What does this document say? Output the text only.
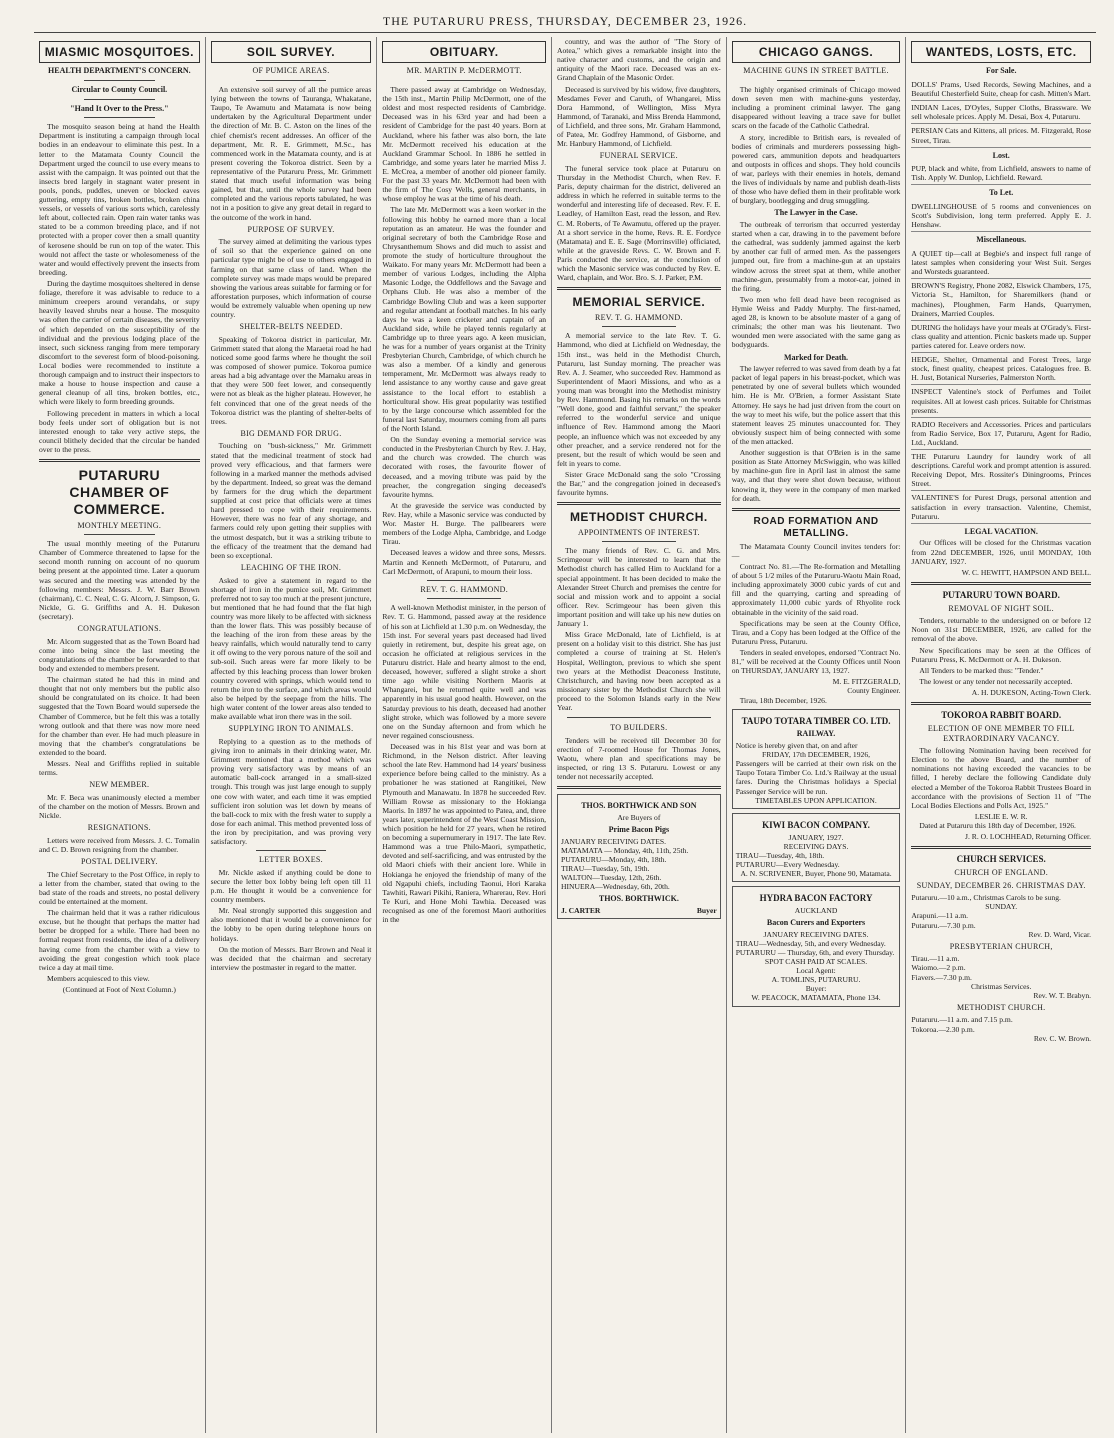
THE PUTARURU PRESS, THURSDAY, DECEMBER 23, 1926.
MIASMIC MOSQUITOES.
HEALTH DEPARTMENT'S CONCERN.
Circular to County Council.
"Hand It Over to the Press."

The mosquito season being at hand the Health Department is instituting a campaign through local bodies in an endeavour to eliminate this pest. In a letter to the Matamata County Council the Department urged the council to use every means to assist with the campaign. It was pointed out that the insects bred largely in stagnant water present in pools, ponds, puddles, uneven or blocked eaves guttering, empty tins, broken bottles, broken china vessels, or vessels of various sorts which, carelessly left about, collected rain. Open rain water tanks was stated to be a common breeding place, and if not protected with a proper cover then a small quantity of kerosene should be run on top of the water. This would not affect the taste or wholesomeness of the water and would effectively prevent the insects from breeding.

During the daytime mosquitoes sheltered in dense foliage, therefore it was advisable to reduce to a minimum creepers around verandahs, or supy heavily leaved shrubs near a house. The mosquito was often the carrier of certain diseases, the severity of which depended on the susceptibility of the individual and the previous lodging place of the insect, such sickness ranging from mere temporary discomfort to the severest form of blood-poisoning. Local bodies were recommended to institute a thorough campaign and to instruct their inspectors to make a house to house inspection and cause a general cleanup of all tins, broken bottles, etc., which were likely to form breeding grounds.

Following precedent in matters in which a local body feels under sort of obligation but is not interested enough to take very active steps, the council blithely decided that the circular be handed over to the press.

PUTARURU CHAMBER OF COMMERCE.
MONTHLY MEETING.

The usual monthly meeting of the Putaruru Chamber of Commerce threatened to lapse for the second month running on account of no quorum being present at the appointed time. Later a quorum was secured and the meeting was attended by the following members: Messrs. J. W. Barr Brown (chairman), C. C. Neal, C. G. Alcorn, J. Simpson, G. Nickle, G. G. Griffiths and A. H. Dukeson (secretary).

CONGRATULATIONS.

Mr. Alcorn suggested that as the Town Board had come into being since the last meeting the congratulations of the chamber be forwarded to that body and extended to members present.

The chairman stated he had this in mind and thought that not only members but the public also should be congratulated on its choice. It had been suggested that the Town Board would supersede the Chamber of Commerce, but he felt this was a totally wrong outlook and that there was now more need for the chamber than ever. He had much pleasure in moving that the chamber's congratulations be extended to the board.

Messrs. Neal and Griffiths replied in suitable terms.

NEW MEMBER.

Mr. F. Beca was unanimously elected a member of the chamber on the motion of Messrs. Brown and Nickle.

RESIGNATIONS.

Letters were received from Messrs. J. C. Tomalin and C. D. Brown resigning from the chamber.

POSTAL DELIVERY.

The Chief Secretary to the Post Office, in reply to a letter from the chamber, stated that owing to the bad state of the roads and streets, no postal delivery could be entertained at the moment.

The chairman held that it was a rather ridiculous excuse, but he thought that perhaps the matter had better be dropped for a while. There had been no formal request from residents, the idea of a delivery having come from the chamber with a view to avoiding the great congestion which took place twice a day at mail time.

Members acquiesced to this view.

(Continued at Foot of Next Column.)

SOIL SURVEY.
OF PUMICE AREAS.

An extensive soil survey of all the pumice areas lying between the towns of Tauranga, Whakatane, Taupo, Te Awamutu and Matamata is now being undertaken by the Agricultural Department under the direction of Mr. B. C. Aston on the lines of the chief chemist's recent addresses. An officer of the department, Mr. R. E. Grimmett, M.Sc., has commenced work in the Matamata county, and is at present covering the Tokoroa district. Seen by a representative of the Putaruru Press, Mr. Grimmett stated that much useful information was being gained, but that, until the whole survey had been completed and the various reports tabulated, he was not in a position to give any great detail in regard to the outcome of the work in hand.

PURPOSE OF SURVEY.

The survey aimed at delimiting the various types of soil so that the experience gained on one particular type might be of use to others engaged in farming on that same class of land. When the complete survey was made maps would be prepared showing the various areas suitable for farming or for afforestation purposes, which information of course would be extremely valuable when opening up new country.

SHELTER-BELTS NEEDED.

Speaking of Tokoroa district in particular, Mr. Grimmett stated that along the Maraetai road he had noticed some good farms where he thought the soil was composed of shower pumice. Tokoroa pumice areas had a big advantage over the Mamaku areas in that they were 500 feet lower, and consequently were not as bleak as the higher plateau. However, he felt convinced that one of the great needs of the Tokoroa district was the planting of shelter-belts of trees.

BIG DEMAND FOR DRUG.

Touching on "bush-sickness," Mr. Grimmett stated that the medicinal treatment of stock had proved very efficacious, and that farmers were following in a marked manner the methods advised by the department. Indeed, so great was the demand by farmers for the drug which the department supplied at cost price that officials were at times hard pressed to cope with their requirements. However, there was no fear of any shortage, and farmers could rely upon getting their supplies with the utmost despatch, but it was a striking tribute to the efficacy of the treatment that the demand had been so exceptional.

LEACHING OF THE IRON.

Asked to give a statement in regard to the shortage of iron in the pumice soil, Mr. Grimmett preferred not to say too much at the present juncture, but mentioned that he had found that the flat high country was more likely to be affected with sickness than the lower flats. This was possibly because of the leaching of the iron from these areas by the heavy rainfalls, which would naturally tend to carry it off owing to the very porous nature of the soil and sub-soil. Such areas were far more likely to be affected by this leaching process than lower broken country covered with springs, which would tend to return the iron to the surface, and which areas would also be helped by the seepage from the hills. The high water content of the lower areas also tended to make available what iron there was in the soil.

SUPPLYING IRON TO ANIMALS.

Replying to a question as to the methods of giving iron to animals in their drinking water, Mr. Grimmett mentioned that a method which was proving very satisfactory was by means of an automatic ball-cock arranged in a small-sized trough. This trough was just large enough to supply one cow with water, and each time it was emptied sufficient iron solution was let down by means of the ball-cock to mix with the fresh water to supply a dose for each animal. This method prevented loss of the iron by precipitation, and was proving very satisfactory.

LETTER BOXES.

Mr. Nickle asked if anything could be done to secure the letter box lobby being left open till 11 p.m. He thought it would be a convenience for country members.

Mr. Neal strongly supported this suggestion and also mentioned that it would be a convenience for the lobby to be open during telephone hours on holidays.

On the motion of Messrs. Barr Brown and Neal it was decided that the chairman and secretary interview the postmaster in regard to the matter.

OBITUARY.
MR. MARTIN P. McDERMOTT.

There passed away at Cambridge on Wednesday, the 15th inst., Martin Philip McDermott, one of the oldest and most respected residents of Cambridge. Deceased was in his 63rd year and had been a resident of Cambridge for the past 40 years. Born at Auckland, where his father was also born, the late Mr. McDermott received his education at the Auckland Grammar School. In 1886 he settled in Cambridge, and some years later he married Miss J. E. McCrea, a member of another old pioneer family. For the past 33 years Mr. McDermott had been with the firm of The Cosy Wells, general merchants, in whose employ he was at the time of his death.

The late Mr. McDermott was a keen worker in the following this hobby he earned more than a local reputation as an amateur. He was the founder and original secretary of both the Cambridge Rose and Chrysanthemum Shows and did much to assist and promote the study of horticulture throughout the Waikato. For many years Mr. McDermott had been a member of various Lodges, including the Alpha Masonic Lodge, the Oddfellows and the Savage and Orphans Club. He was also a member of the Cambridge Bowling Club and was a keen supporter and regular attendant at football matches. In his early days he was a keen cricketer and captain of an Auckland side, while he played tennis regularly at Cambridge up to three years ago. A keen musician, he was for a number of years organist at the Trinity Presbyterian Church, Cambridge, of which church he was also a member. Of a kindly and generous temperament, Mr. McDermott was always ready to lend assistance to any worthy cause and gave great assistance to the local effort to establish a horticultural show. His great popularity was testified to by the large concourse which assembled for the funeral last Saturday, mourners coming from all parts of the North Island.

On the Sunday evening a memorial service was conducted in the Presbyterian Church by Rev. J. Hay, and the church was crowded. The church was decorated with roses, the favourite flower of deceased, and a moving tribute was paid by the preacher, the congregation singing deceased's favourite hymns.

At the graveside the service was conducted by Rev. Hay, while a Masonic service was conducted by Wor. Master H. Burge. The pallbearers were members of the Lodge Alpha, Cambridge, and Lodge Tirau.

Deceased leaves a widow and three sons, Messrs. Martin and Kenneth McDermott, of Putaruru, and Carl McDermott, of Arapuni, to mourn their loss.

REV. T. G. HAMMOND.

A well-known Methodist minister, in the person of Rev. T. G. Hammond, passed away at the residence of his son at Lichfield at 1.30 p.m. on Wednesday, the 15th inst. For several years past deceased had lived quietly in retirement, but, despite his great age, on occasion he officiated at religious services in the Putaruru district. Hale and hearty almost to the end, deceased, however, suffered a slight stroke a short time ago while visiting Northern Maoris at Whangarei, but he returned quite well and was apparently in his usual good health. However, on the Saturday previous to his death, deceased had another slight stroke, which was followed by a more severe one on the Sunday afternoon and from which he never regained consciousness.

Deceased was in his 81st year and was born at Richmond, in the Nelson district. After leaving school the late Rev. Hammond had 14 years' business experience before being called to the ministry. As a probationer he was stationed at Rangitikei, New Plymouth and Manawatu. In 1878 he succeeded Rev. William Rowse as missionary to the Hokianga Maoris. In 1897 he was appointed to Patea, and, three years later, superintendent of the West Coast Mission, which position he held for 27 years, when he retired on becoming a supernumerary in 1917. The late Rev. Hammond was a true Philo-Maori, sympathetic, devoted and self-sacrificing, and was entrusted by the old Maori chiefs with their ancient lore. While in Hokianga he enjoyed the friendship of many of the old Ngapuhi chiefs, including Taonui, Hori Karaka Tawhiti, Rawari Pikihi, Raniera, Wharerau, Rev. Hori Te Kuri, and Hone Mohi Tawhia. Deceased was recognised as one of the foremost Maori authorities in the

country, and was the author of "The Story of Aotea," which gives a remarkable insight into the native character and customs, and the origin and antiquity of the Maori race. Deceased was an ex-Grand Chaplain of the Masonic Order.

Deceased is survived by his widow, five daughters, Mesdames Fever and Caruth, of Whangarei, Miss Dora Hammond, of Wellington, Miss Myra Hammond, of Taranaki, and Miss Brenda Hammond, of Lichfield, and three sons, Mr. Graham Hammond, of Patea, Mr. Godfrey Hammond, of Gisborne, and Mr. Hanbury Hammond, of Lichfield.

FUNERAL SERVICE.

The funeral service took place at Putaruru on Thursday in the Methodist Church, when Rev. F. Paris, deputy chairman for the district, delivered an address in which he referred in suitable terms to the wonderful and interesting life of deceased. Rev. F. E. Leadley, of Hamilton East, read the lesson, and Rev. C. M. Roberts, of Te Awamutu, offered up the prayer. At a short service in the home, Revs. R. E. Fordyce (Matamata) and E. E. Sage (Morrinsville) officiated, while at the graveside Revs. C. W. Brown and F. Paris conducted the service, at the conclusion of which the Masonic service was conducted by Rev. E. Ward, chaplain, and Wor. Bro. S. J. Parker, P.M.

MEMORIAL SERVICE.
REV. T. G. HAMMOND.

A memorial service to the late Rev. T. G. Hammond, who died at Lichfield on Wednesday, the 15th inst., was held in the Methodist Church, Putaruru, last Sunday morning. The preacher was Rev. A. J. Seamer, who succeeded Rev. Hammond as Superintendent of Maori Missions, and who as a young man was brought into the Methodist ministry by Rev. Hammond. Basing his remarks on the words "Well done, good and faithful servant," the speaker referred to the wonderful service and unique influence of Rev. Hammond among the Maori people, an influence which was not exceeded by any other preacher, and a service rendered not for the present, but the result of which would be seen and felt in years to come.

Sister Grace McDonald sang the solo "Crossing the Bar," and the congregation joined in deceased's favourite hymns.

METHODIST CHURCH.
APPOINTMENTS OF INTEREST.

The many friends of Rev. C. G. and Mrs. Scrimgeour will be interested to learn that the Methodist church has called Him to Auckland for a special appointment. It has been decided to make the Alexander Street Church and premises the centre for social and mission work and to appoint a social officer. Rev. Scrimgeour has been given this important position and will take up his new duties on January 1.

Miss Grace McDonald, late of Lichfield, is at present on a holiday visit to this district. She has just completed a course of training at St. Helen's Hospital, Wellington, previous to which she spent two years at the Methodist Deaconess Institute, Christchurch, and having now been accepted as a missionary sister by the Methodist Church she will proceed to the Solomon Islands early in the New Year.

TO BUILDERS.

Tenders will be received till December 30 for erection of 7-roomed House for Thomas Jones, Waotu, where plan and specifications may be inspected, or ring 13 S. Putaruru. Lowest or any tender not necessarily accepted.

THOS. BORTHWICK AND SON
Are Buyers of
Prime Bacon Pigs
JANUARY RECEIVING DATES.
MATAMATA — Monday, 4th, 11th, 25th.
PUTARURU—Monday, 4th, 18th.
TIRAU—Tuesday, 5th, 19th.
WALTON—Tuesday, 12th, 26th.
HINUERA—Wednesday, 6th, 20th.
THOS. BORTHWICK.
J. CARTER	Buyer
CHICAGO GANGS.
MACHINE GUNS IN STREET BATTLE.

The highly organised criminals of Chicago mowed down seven men with machine-guns yesterday, including a prominent criminal lawyer. The gang disappeared without leaving a trace save for bullet scars on the facade of the Catholic Cathedral.

A story, incredible to British ears, is revealed of bodies of criminals and murderers possessing high-powered cars, ammunition depots and headquarters and outposts in offices and shops. They hold councils of war, parleys with their enemies in hotels, demand the lives of individuals by name and publish death-lists of those who have defied them in their profitable work of burglary, bootlegging and drug smuggling.

The Lawyer in the Case.

The outbreak of terrorism that occurred yesterday started when a car, drawing in to the pavement before the cathedral, was suddenly jammed against the kerb by another car full of armed men. As the passengers jumped out, fire from a machine-gun at an upstairs window across the street spat at them, while another machine-gun, presumably from a motor-car, joined in the firing.

Two men who fell dead have been recognised as Hymie Weiss and Paddy Murphy. The first-named, aged 28, is known to be absolute master of a gang of criminals; the other man was his lieutenant. Two wounded men were associated with the same gang as bodyguards.

Marked for Death.

The lawyer referred to was saved from death by a fat packet of legal papers in his breast-pocket, which was penetrated by one of several bullets which wounded him. He is Mr. O'Brien, a former Assistant State Attorney. He says he had just driven from the court on the way to meet his wife, but the police assert that this statement leaves 25 minutes unaccounted for. They obviously suspect him of being connected with some of the men attacked.

Another suggestion is that O'Brien is in the same position as State Attorney McSwiggin, who was killed by machine-gun fire in April last in almost the same way, and that they were shot down because, without knowing it, they were in the company of men marked for death.

ROAD FORMATION AND METALLING.

The Matamata County Council invites tenders for:—

Contract No. 81.—The Re-formation and Metalling of about 5 1/2 miles of the Putaruru-Waotu Main Road, including approximately 3000 cubic yards of cut and fill and the quarrying, carting and spreading of approximately 11,000 cubic yards of Rhyolite rock obtainable in the vicinity of the said road.

Specifications may be seen at the County Office, Tirau, and a Copy has been lodged at the Office of the Putaruru Press, Putaruru.

Tenders in sealed envelopes, endorsed "Contract No. 81," will be received at the County Offices until Noon on THURSDAY, JANUARY 13, 1927.

M. E. FITZGERALD,
County Engineer.

Tirau, 18th December, 1926.

TAUPO TOTARA TIMBER CO. LTD.
RAILWAY.
Notice is hereby given that, on and after
FRIDAY, 17th DECEMBER, 1926,
Passengers will be carried at their own risk on the Taupo Totara Timber Co. Ltd.'s Railway at the usual fares. During the Christmas holidays a Special Passenger Service will be run.
TIMETABLES UPON APPLICATION.
KIWI BACON COMPANY.
JANUARY, 1927.
RECEIVING DAYS.
TIRAU—Tuesday, 4th, 18th.
PUTARURU—Every Wednesday.
A. N. SCRIVENER, Buyer, Phone 90, Matamata.
HYDRA BACON FACTORY
AUCKLAND
Bacon Curers and Exporters
JANUARY RECEIVING DATES.
TIRAU—Wednesday, 5th, and every Wednesday.
PUTARURU — Thursday, 6th, and every Thursday.
SPOT CASH PAID AT SCALES.
Local Agent:
A. TOMLINS, PUTARURU.
Buyer:
W. PEACOCK, MATAMATA, Phone 134.
WANTEDS, LOSTS, ETC.
For Sale.

DOLLS' Prams, Used Records, Sewing Machines, and a Beautiful Chesterfield Suite, cheap for cash. Mitten's Mart.

INDIAN Laces, D'Oyles, Supper Cloths, Brassware. We sell wholesale prices. Apply M. Desai, Box 4, Putaruru.

PERSIAN Cats and Kittens, all prices. M. Fitzgerald, Rose Street, Tirau.

Lost.

PUP, black and white, from Lichfield, answers to name of Tish. Apply W. Dunlop, Lichfield. Reward.

To Let.

DWELLINGHOUSE of 5 rooms and conveniences on Scott's Subdivision, long term preferred. Apply E. J. Henshaw.

Miscellaneous.

A QUIET tip—call at Begbie's and inspect full range of latest samples when considering your West Suit. Serges and Worsteds guaranteed.

BROWN'S Registry, Phone 2082, Elswick Chambers, 175, Victoria St., Hamilton, for Sharemilkers (hand or machines), Ploughmen, Farm Hands, Quarrymen, Drainers, Married Couples.

DURING the holidays have your meals at O'Grady's. First-class quality and attention. Picnic baskets made up. Supper parties catered for. Leave orders now.

HEDGE, Shelter, Ornamental and Forest Trees, large stock, finest quality, cheapest prices. Catalogues free. B. H. Just, Botanical Nurseries, Palmerston North.

INSPECT Valentine's stock of Perfumes and Toilet requisites. All at lowest cash prices. Suitable for Christmas presents.

RADIO Receivers and Accessories. Prices and particulars from Radio Service, Box 17, Putaruru, Agent for Radio, Ltd., Auckland.

THE Putaruru Laundry for laundry work of all descriptions. Careful work and prompt attention is assured. Receiving Depot, Mrs. Rossiter's Diningrooms, Princes Street.

VALENTINE'S for Purest Drugs, personal attention and satisfaction in every transaction. Valentine, Chemist, Putaruru.

LEGAL VACATION.

Our Offices will be closed for the Christmas vacation from 22nd DECEMBER, 1926, until MONDAY, 10th JANUARY, 1927.

W. C. HEWITT, HAMPSON AND BELL.
PUTARURU TOWN BOARD.
REMOVAL OF NIGHT SOIL.

Tenders, returnable to the undersigned on or before 12 Noon on 31st DECEMBER, 1926, are called for the removal of the above.

New Specifications may be seen at the Offices of Putaruru Press, K. McDermott or A. H. Dukeson.

All Tenders to be marked thus: "Tender."

The lowest or any tender not necessarily accepted.

A. H. DUKESON, Acting-Town Clerk.
TOKOROA RABBIT BOARD.
ELECTION OF ONE MEMBER TO FILL EXTRAORDINARY VACANCY.

The following Nomination having been received for Election to the above Board, and the number of nominations not having exceeded the vacancies to be filled, I hereby declare the following Candidate duly elected a Member of the Tokoroa Rabbit Trustees Board in accordance with the provisions of Section 11 of "The Local Bodies Elections and Polls Act, 1925."

LESLIE E. W. R.

Dated at Putaruru this 18th day of December, 1926.

J. R. O. LOCHHEAD, Returning Officer.
CHURCH SERVICES.
CHURCH OF ENGLAND.
SUNDAY, DECEMBER 26. CHRISTMAS DAY.
Putaruru.—10 a.m., Christmas Carols to be sung.
SUNDAY.
Arapuni.—11 a.m.
Putaruru.—7.30 p.m.
Rev. D. Ward, Vicar.
PRESBYTERIAN CHURCH,
Tirau.—11 a.m.
Waiomo.—2 p.m.
Fiavers.—7.30 p.m.
Christmas Services.
Rev. W. T. Brabyn.
METHODIST CHURCH.
Putaruru.—11 a.m. and 7.15 p.m.
Tokoroa.—2.30 p.m.
Rev. C. W. Brown.
